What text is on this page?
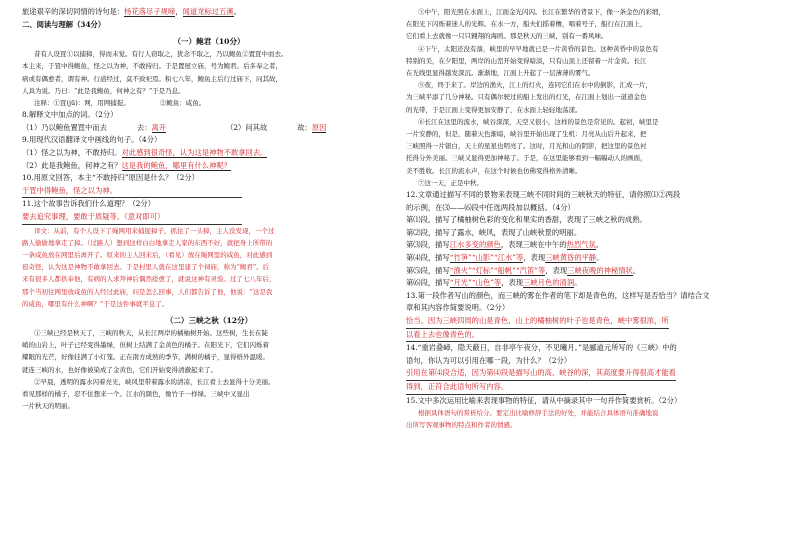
旅途艰辛的深切同情的诗句是：杨花落尽子规啼，闻道龙标过五溪。
二、阅读与理解（34分）
（一）鲍君（10分）
昔有人设罝①以捕獐，得而未觉。有行人窃取之，犹念不取之，乃以鲍鱼②置罝中而去。
本主来，于罝中得鲍鱼，怪之以为神，不敢持归。于是置屋立庙，号为鲍君。后多奉之者，
病或有偶愈者，谓有神。行道经过，莫不致祀焉。积七八年，鲍鱼主后行过庙下，问其故，
人具为说。乃曰：“此是我鲍鱼，何神之有？”于是乃息。
注释：①罝(jū)：网，用网捕捉。	②鲍鱼：咸鱼。
8.解释文中加点的词。（2分）
（1）乃以鲍鱼置罝中而去	去：离开	（2）问其故	故：原因
9.用现代汉语翻译文中画线的句子。（4分）
（1）怪之以为神，不敢持归。对此感到很奇怪，认为这是神物不敢拿回去。
（2）此是我鲍鱼，何神之有？这是我的鲍鱼，哪里有什么神呢？
10.用原文回答，本主“不敢持归”原因是什么？（2分）
于罝中得鲍鱼，怪之以为神。
11.这个故事告诉我们什么道理？（2分）
要去追究事理，要敢于质疑等。（意对即可）
译文：从前，有个人设下了绳网用来捕捉獐子，抓住了一头獐，主人没发现，一个过
路人偷偷地拿走了獐。（过路人）想到这样白白地拿走人家的东西不好，就把身上所带的
一条咸鱼放在网里后离开了。原来的主人回来后，（看见）放在绳网里的咸鱼，对此感到
很奇怪，认为这是神物不敢拿回去。于是村里人就在这里建了个祠庙，称为“鲍君”。后
来有很多人都供奉他，有病的人求拜神后偶然痊愈了，就说这神有灵验。过了七八年后，
那个当初往网里放咸鱼的人经过此庙，问是怎么回事，人们都告诉了他，他说：“这是我
的咸鱼，哪里有什么神啊？”于是这件事就平息了。
（二）三峡之秋（12分）
①三峡已经是秋天了，三峡的秋天，从长江两岸的橘柚树开始。这些树，生长在陡
峭的山岩上，叶子已经变得墨绿，但树上结满了金黄色的橘子。在阳光下，它们闪烁着
耀眼的光芒，好像挂满了小灯笼。正在南方成熟的季节，满树的橘子，显得格外温暖。
就连三峡的水，也好像被染成了金黄色，它们开始变得清澈起来了。
②早晨，透明的露水闪着亮光，峡风里带着露水的清凉，长江看上去显得十分美丽。
看见那样的橘子，忍不住想来一个。江水的颜色，像竹子一样绿。三峡中又显出
一片秋天的明丽。
③中午，阳光照在水面上，江面金光闪闪。长江在繁华的背景下，像一条金色的彩缎，
在阳光下闪烁着迷人的光辉。在水一方，船夫们摇着橹，唱着号子，船行在江面上，
它们看上去就像一只只翱翔的海鸥。那是秋天的三峡，别有一番风味。
④下午，太阳还没有落，峡里的早早地就已是一片黄昏的景色。这种黄昏中的景色有
特别的美，在夕阳里，两岸的山峦开始变得暗淡，只有山顶上还留着一片金黄。长江
在光线里显得越发深沉。渐渐地，江面上升起了一层薄薄的雾气。
⑤夜，终于来了。岸边的渔火，江上的灯火，连同它们在水中的倒影，汇成一片，
为三峡平添了几分神秘。只有偶尔驶过的船上发出的灯光，在江面上划出一道道金色
的光带，于是江面上变得更加安静了，在水面上轻轻地荡漾。
⑥长江在这里的流水，峡谷深深，天空又很小，这样的景色是常见的。起初，峡里是
一片安静的，但是，随着天色渐暗，峡谷里开始出现了生机：月亮从山后升起来，把
三峡照得一片银白，天上的星星也明亮了。这时，月光和山的阴影，把这里的景色衬
托得分外美丽。三峡又显得更加神秘了。于是，在这里能够看到一幅幅动人的画面，
美不胜收。长江的流水声，在这个时候也仿佛变得格外清晰。
⑦这一天，正是中秋。
12.文章通过描写不同的景物来表现三峡不同时间的三峡秋天的特征，请你照⑴②两段
的示例，在⑶——⑹段中任选两段加以概括。（4分）
第⑴段，描写了橘柚树色彩的变化和果实的香甜，表现了三峡之秋的成熟。
第⑵段，描写了露水，峡风，表现了山峡秋景的明丽。
第⑶段，描写江水多变的颜色，表现三峡在中午的热烈气氛。
第⑷段，描写“竹笋”“山影”“江水”等，表现三峡黄昏的平静。
第⑸段，描写“渔火”“灯标”“船帆”“汽笛”等，表现三峡夜晚的神秘情状。
第⑹段，描写“月光”“山色”等，表现三峡月色的清润。
13.第一段作者写山的颜色，而三峡的雾在作者的笔下却是青色的，这样写是否恰当？请结合文
章和其内容作简要说明。（2分）
恰当。因为三峡四周的山是青色，山上的橘柚树的叶子也是青色，峡中雾很浓，所
以看上去也像青色的。
14.“重岩叠嶂，隐天蔽日，自非亭午夜分，不见曦月。”是郦道元所写的《三峡》中的
语句，你认为可以引用在哪一段，为什么？（2分）
引用在第⑷段合适，因为第⑷段是描写山的高、峡谷的深，其高度要升得很高才能看
得到，正符合此语句所写内容。
15.文中多次运用比喻来表现事物的特征，请从中摘录其中一句并作简要赏析。（2分）
根据具体语句的赏析给分。要定出比喻修辞手法的好处，并能结合具体语句准确地说
出所写客观事物的特点和作者的情感。
